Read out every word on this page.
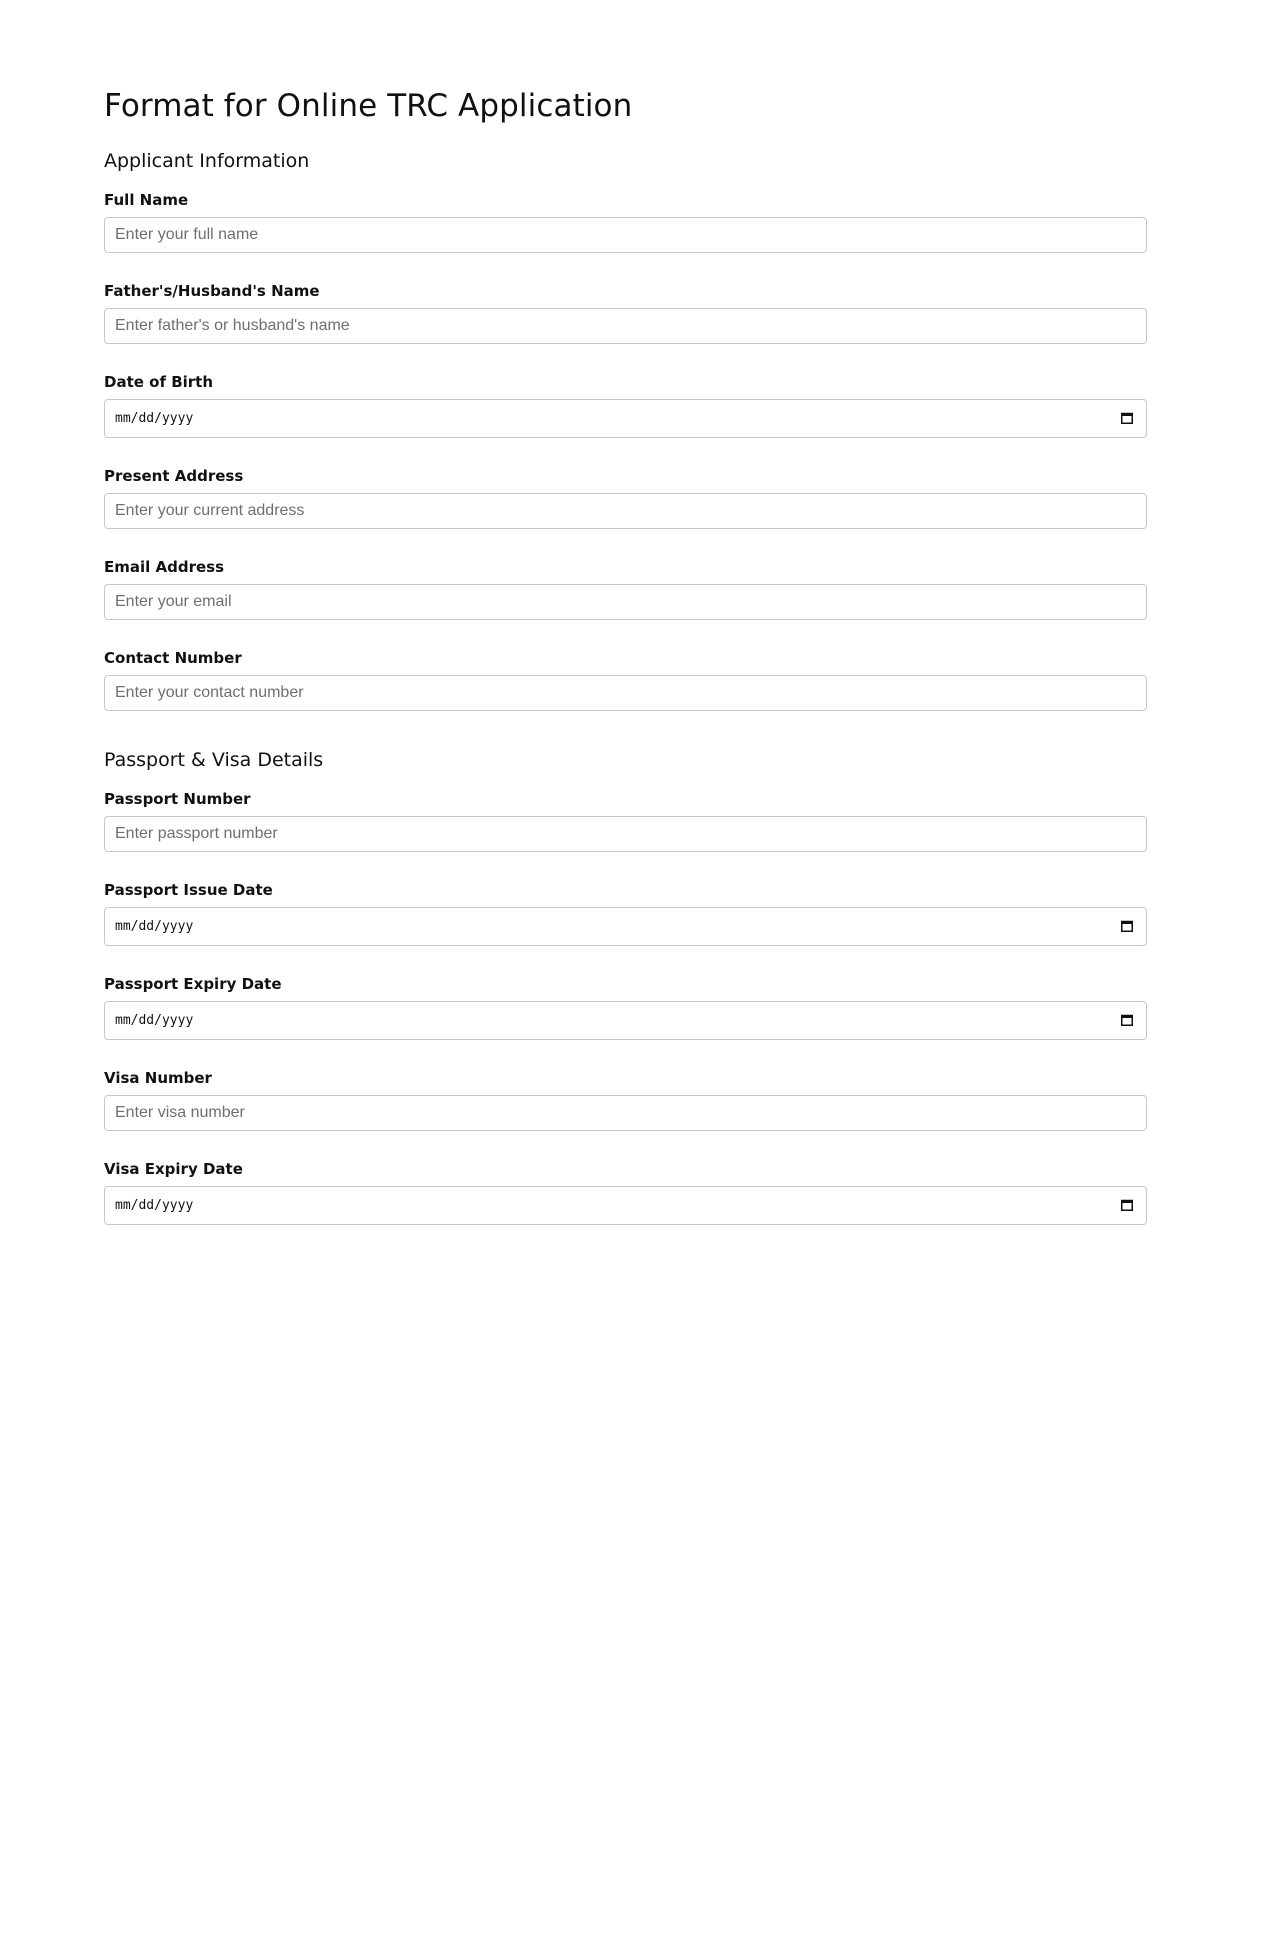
Format for Online TRC Application
Applicant Information
Full Name
Enter your full name
Father's/Husband's Name
Enter father's or husband's name
Date of Birth
mm/dd/yyyy
Present Address
Enter your current address
Email Address
Enter your email
Contact Number
Enter your contact number
Passport & Visa Details
Passport Number
Enter passport number
Passport Issue Date
mm/dd/yyyy
Passport Expiry Date
mm/dd/yyyy
Visa Number
Enter visa number
Visa Expiry Date
mm/dd/yyyy
